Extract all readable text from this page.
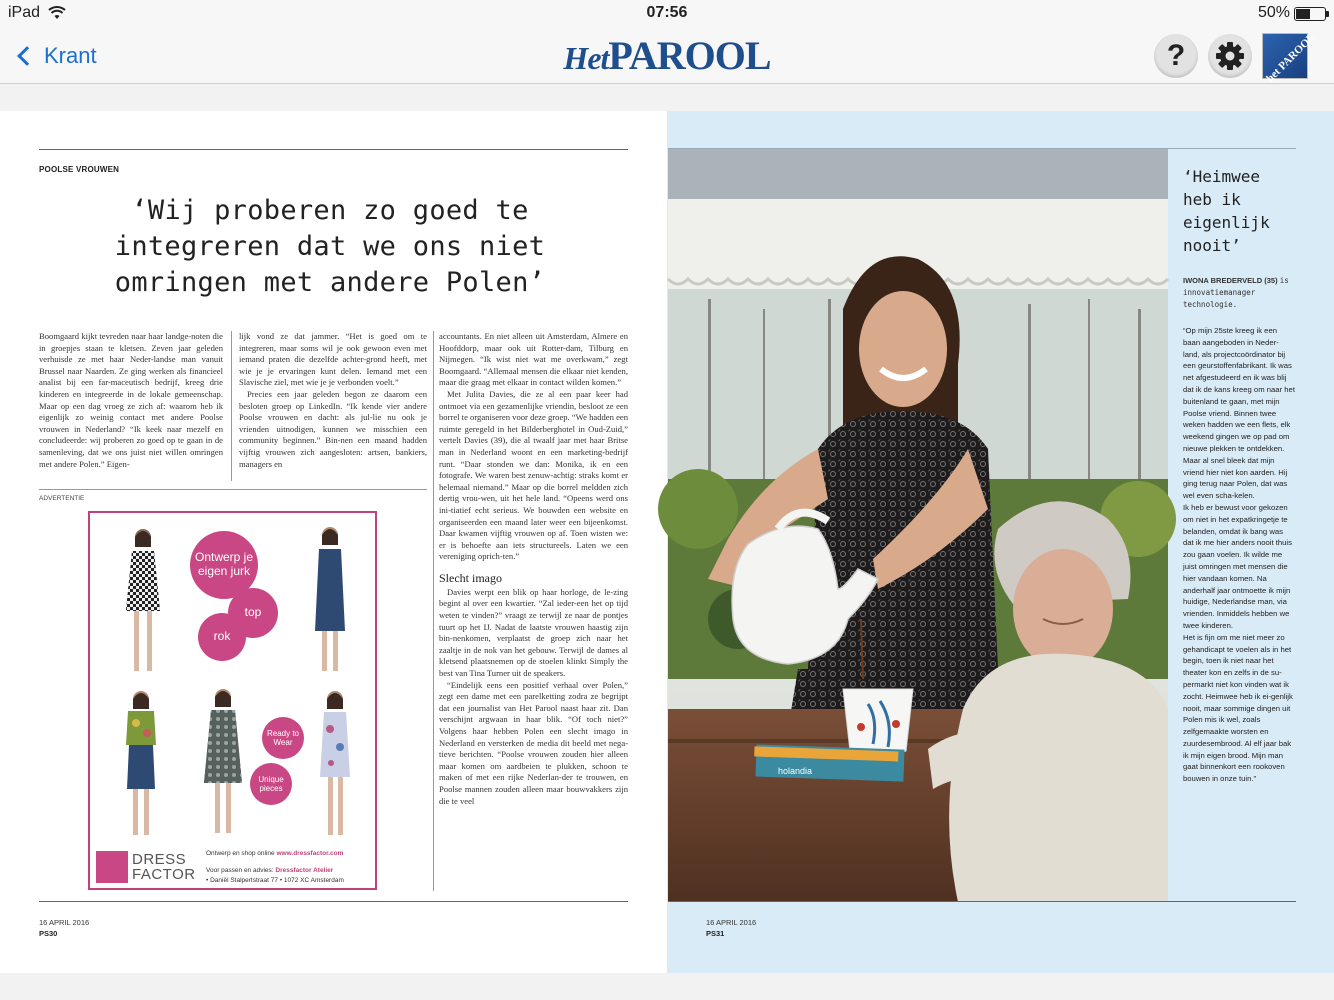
iPad	07:56	50%
Krant	HetPAROOL	?	het PAROOL
POOLSE VROUWEN
‘Wij proberen zo goed te integreren dat we ons niet omringen met andere Polen’

Boomgaard kijkt tevreden naar haar landge-noten die in groepjes staan te kletsen. Zeven jaar geleden verhuisde ze met haar Neder-landse man vanuit Brussel naar Naarden. Ze ging werken als financieel analist bij een far-maceutisch bedrijf, kreeg drie kinderen en integreerde in de lokale gemeenschap. Maar op een dag vroeg ze zich af: waarom heb ik eigenlijk zo weinig contact met andere Poolse vrouwen in Nederland? “Ik keek naar mezelf en concludeerde: wij proberen zo goed op te gaan in de samenleving, dat we ons juist niet willen omringen met andere Polen.” Eigen-

lijk vond ze dat jammer. “Het is goed om te integreren, maar soms wil je ook gewoon even met iemand praten die dezelfde achter-grond heeft, met wie je je ervaringen kunt delen. Iemand met een Slavische ziel, met wie je je verbonden voelt.”

Precies een jaar geleden begon ze daarom een besloten groep op LinkedIn. “Ik kende vier andere Poolse vrouwen en dacht: als jul-lie nu ook je vrienden uitnodigen, kunnen we misschien een community beginnen.” Bin-nen een maand hadden vijftig vrouwen zich aangesloten: artsen, bankiers, managers en

accountants. En niet alleen uit Amsterdam, Almere en Hoofddorp, maar ook uit Rotter-dam, Tilburg en Nijmegen. “Ik wist niet wat me overkwam,” zegt Boomgaard. “Allemaal mensen die elkaar niet kenden, maar die graag met elkaar in contact wilden komen.”

Met Julita Davies, die ze al een paar keer had ontmoet via een gezamenlijke vriendin, besloot ze een borrel te organiseren voor deze groep. “We hadden een ruimte geregeld in het Bilderberghotel in Oud-Zuid,” vertelt Davies (39), die al twaalf jaar met haar Britse man in Nederland woont en een marketing-bedrijf runt. “Daar stonden we dan: Monika, ik en een fotografe. We waren best zenuw-achtig: straks komt er helemaal niemand.” Maar op die borrel meldden zich dertig vrou-wen, uit het hele land. “Opeens werd ons ini-tiatief echt serieus. We bouwden een website en organiseerden een maand later weer een bijeenkomst. Daar kwamen vijftig vrouwen op af. Toen wisten we: er is behoefte aan iets structureels. Laten we een vereniging oprich-ten.”

Slecht imago

Davies werpt een blik op haar horloge, de le-zing begint al over een kwartier. “Zal ieder-een het op tijd weten te vinden?” vraagt ze terwijl ze naar de pontjes tuurt op het IJ. Nadat de laatste vrouwen haastig zijn bin-nenkomen, verplaatst de groep zich naar het zaaltje in de nok van het gebouw. Terwijl de dames al kletsend plaatsnemen op de stoelen klinkt Simply the best van Tina Turner uit de speakers.

“Eindelijk eens een positief verhaal over Polen,” zegt een dame met een parelketting zodra ze begrijpt dat een journalist van Het Parool naast haar zit. Dan verschijnt argwaan in haar blik. “Of toch niet?” Volgens haar hebben Polen een slecht imago in Nederland en versterken de media dit beeld met nega-tieve berichten. “Poolse vrouwen zouden hier alleen maar komen om aardbeien te plukken, schoon te maken of met een rijke Nederlan-der te trouwen, en Poolse mannen zouden alleen maar bouwvakkers zijn die te veel

ADVERTENTIE
Ontwerp je eigen jurk
top
rok
Ready to Wear
Unique pieces
DRESS
FACTOR
Ontwerp en shop online www.dressfactor.com
Voor passen en advies: Dressfactor Atelier
• Daniël Stalpertstraat 77 • 1072 XC Amsterdam
16 APRIL 2016
PS30
holandia
‘Heimwee heb ik eigenlijk nooit’
IWONA BREDERVELD (35) is innovatiemanager technologie.

“Op mijn 25ste kreeg ik een baan aangeboden in Neder-land, als projectcoördinator bij een geurstoffenfabrikant. Ik was net afgestudeerd en ik was blij dat ik de kans kreeg om naar het buitenland te gaan, met mijn Poolse vriend. Binnen twee weken hadden we een flets, elk weekend gingen we op pad om nieuwe plekken te ontdekken. Maar al snel bleek dat mijn vriend hier niet kon aarden. Hij ging terug naar Polen, dat was wel even scha-kelen.

Ik heb er bewust voor gekozen om niet in het expatkringetje te belanden, omdat ik bang was dat ik me hier anders nooit thuis zou gaan voelen. Ik wilde me juist omringen met mensen die hier vandaan komen. Na anderhalf jaar ontmoette ik mijn huidige, Nederlandse man, via vrienden. Inmiddels hebben we twee kinderen.

Het is fijn om me niet meer zo gehandicapt te voelen als in het begin, toen ik niet naar het theater kon en zelfs in de su-permarkt niet kon vinden wat ik zocht. Heimwee heb ik ei-genlijk nooit, maar sommige dingen uit Polen mis ik wel, zoals zelfgemaakte worsten en zuurdesembrood. Al elf jaar bak ik mijn eigen brood. Mijn man gaat binnenkort een rookoven bouwen in onze tuin.”

16 APRIL 2016
PS31
